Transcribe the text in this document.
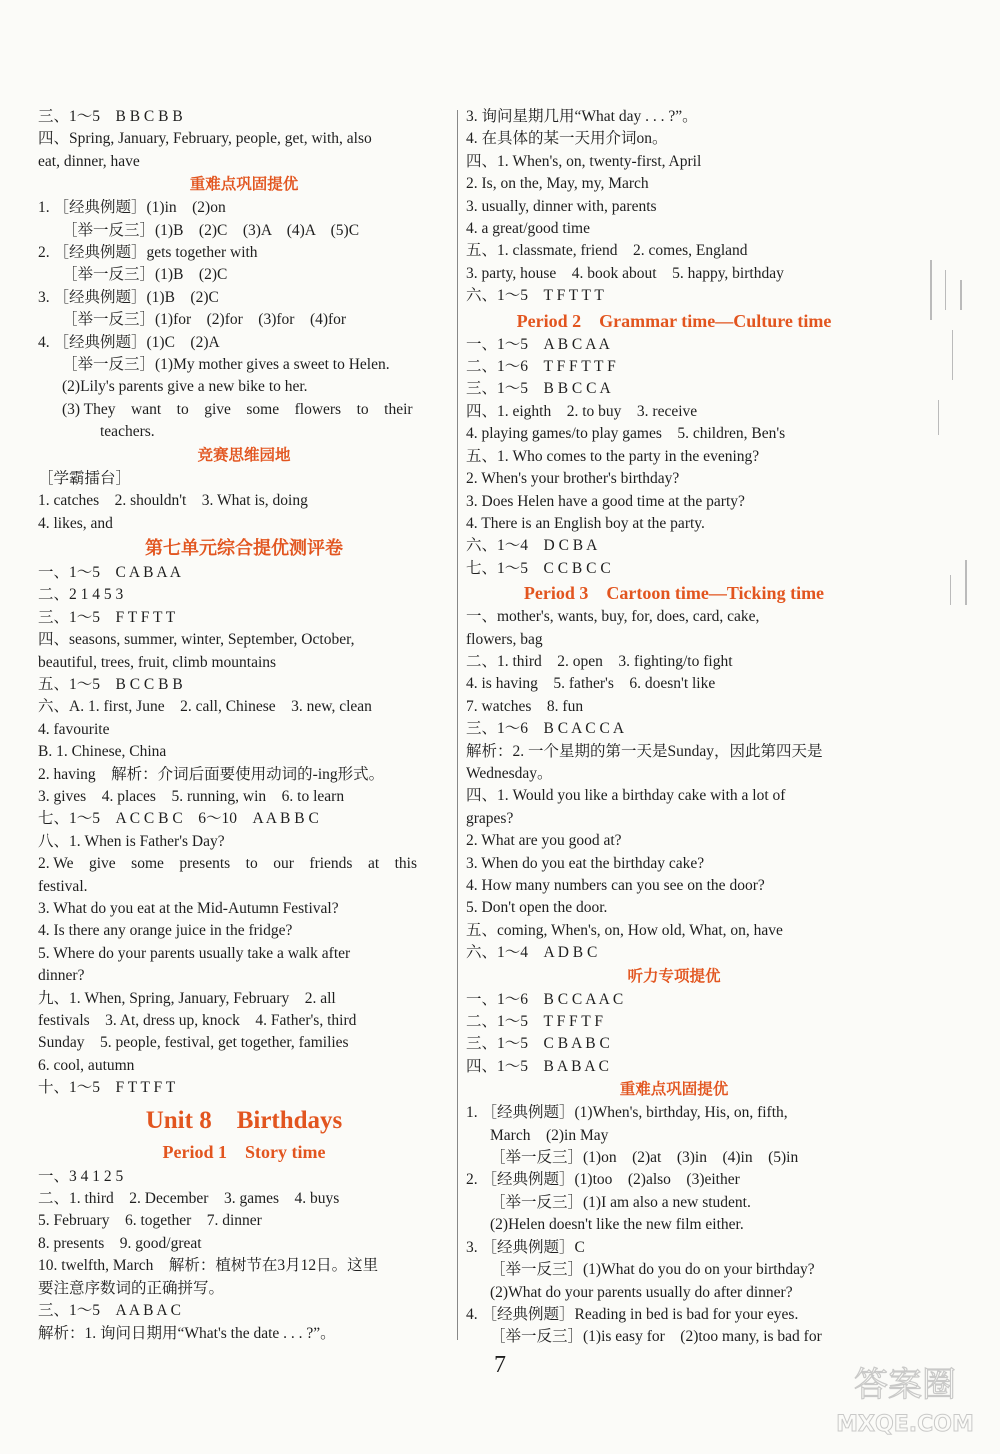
三、1～5　B B C B B
四、Spring, January, February, people, get, with, also
eat, dinner, have
重难点巩固提优
1. ［经典例题］(1)in　(2)on
［举一反三］(1)B　(2)C　(3)A　(4)A　(5)C
2. ［经典例题］gets together with
［举一反三］(1)B　(2)C
3. ［经典例题］(1)B　(2)C
［举一反三］(1)for　(2)for　(3)for　(4)for
4. ［经典例题］(1)C　(2)A
［举一反三］(1)My mother gives a sweet to Helen.
(2)Lily's parents give a new bike to her.
(3) They　want　to　give　some　flowers　to　their
teachers.
竞赛思维园地
［学霸擂台］
1. catches　2. shouldn't　3. What is, doing
4. likes, and
第七单元综合提优测评卷
一、1～5　C A B A A
二、2 1 4 5 3
三、1～5　F T F T T
四、seasons, summer, winter, September, October,
beautiful, trees, fruit, climb mountains
五、1～5　B C C B B
六、A. 1. first, June　2. call, Chinese　3. new, clean
4. favourite
B. 1. Chinese, China
2. having　解析：介词后面要使用动词的-ing形式。
3. gives　4. places　5. running, win　6. to learn
七、1～5　A C C B C　6～10　A A B B C
八、1. When is Father's Day?
2. We　give　some　presents　to　our　friends　at　this
festival.
3. What do you eat at the Mid-Autumn Festival?
4. Is there any orange juice in the fridge?
5. Where do your parents usually take a walk after
dinner?
九、1. When, Spring, January, February　2. all
festivals　3. At, dress up, knock　4. Father's, third
Sunday　5. people, festival, get together, families
6. cool, autumn
十、1～5　F T T F T
Unit 8　Birthdays
Period 1　Story time
一、3 4 1 2 5
二、1. third　2. December　3. games　4. buys
5. February　6. together　7. dinner
8. presents　9. good/great
10. twelfth, March　解析：植树节在3月12日。这里
要注意序数词的正确拼写。
三、1～5　A A B A C
解析：1. 询问日期用“What's the date . . . ?”。
3. 询问星期几用“What day . . . ?”。
4. 在具体的某一天用介词on。
四、1. When's, on, twenty-first, April
2. Is, on the, May, my, March
3. usually, dinner with, parents
4. a great/good time
五、1. classmate, friend　2. comes, England
3. party, house　4. book about　5. happy, birthday
六、1～5　T F T T T
Period 2　Grammar time—Culture time
一、1～5　A B C A A
二、1～6　T F F T T F
三、1～5　B B C C A
四、1. eighth　2. to buy　3. receive
4. playing games/to play games　5. children, Ben's
五、1. Who comes to the party in the evening?
2. When's your brother's birthday?
3. Does Helen have a good time at the party?
4. There is an English boy at the party.
六、1～4　D C B A
七、1～5　C C B C C
Period 3　Cartoon time—Ticking time
一、mother's, wants, buy, for, does, card, cake,
flowers, bag
二、1. third　2. open　3. fighting/to fight
4. is having　5. father's　6. doesn't like
7. watches　8. fun
三、1～6　B C A C C A
解析：2. 一个星期的第一天是Sunday，因此第四天是
Wednesday。
四、1. Would you like a birthday cake with a lot of
grapes?
2. What are you good at?
3. When do you eat the birthday cake?
4. How many numbers can you see on the door?
5. Don't open the door.
五、coming, When's, on, How old, What, on, have
六、1～4　A D B C
听力专项提优
一、1～6　B C C A A C
二、1～5　T F F T F
三、1～5　C B A B C
四、1～5　B A B A C
重难点巩固提优
1. ［经典例题］(1)When's, birthday, His, on, fifth,
March　(2)in May
［举一反三］(1)on　(2)at　(3)in　(4)in　(5)in
2. ［经典例题］(1)too　(2)also　(3)either
［举一反三］(1)I am also a new student.
(2)Helen doesn't like the new film either.
3. ［经典例题］C
［举一反三］(1)What do you do on your birthday?
(2)What do your parents usually do after dinner?
4. ［经典例题］Reading in bed is bad for your eyes.
［举一反三］(1)is easy for　(2)too many, is bad for
7	答案圈
MXQE.COM
